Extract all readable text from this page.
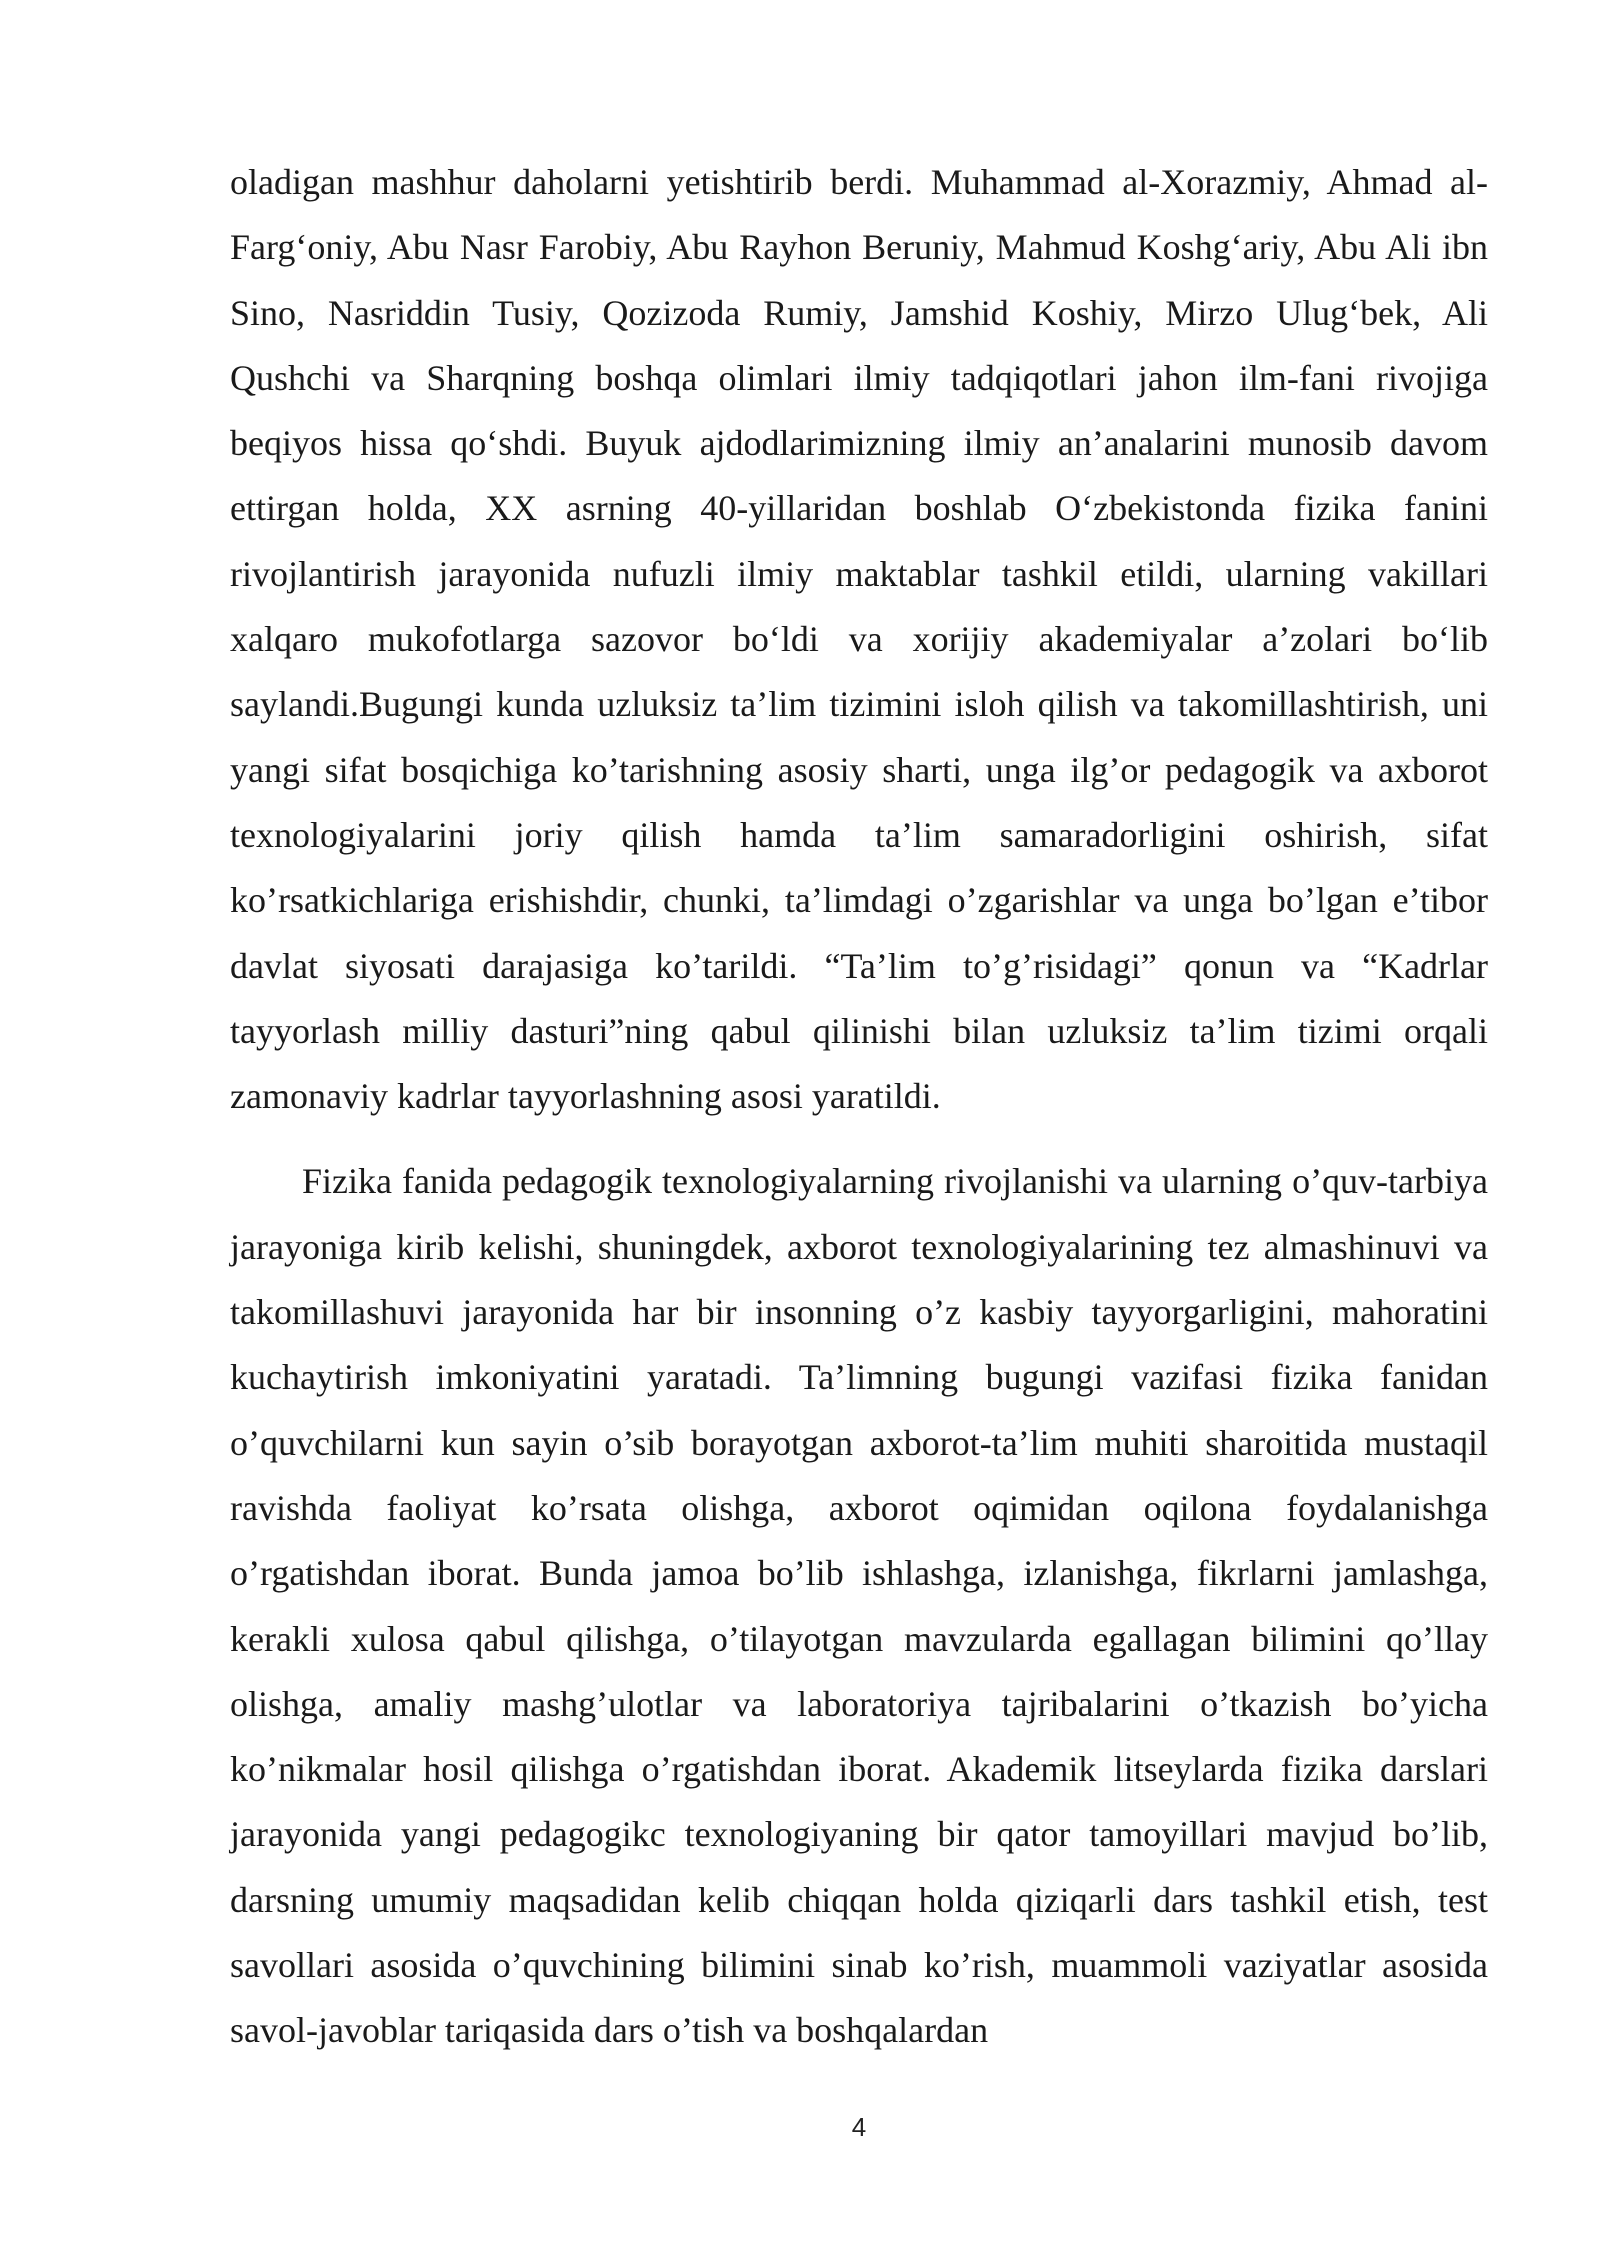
oladigan mashhur daholarni yetishtirib berdi. Muhammad al-Xorazmiy, Ahmad al-Farg‘oniy, Abu Nasr Farobiy, Abu Rayhon Beruniy, Mahmud Koshg‘ariy, Abu Ali ibn Sino, Nasriddin Tusiy, Qozizoda Rumiy, Jamshid Koshiy, Mirzo Ulug‘bek, Ali Qushchi va Sharqning boshqa olimlari ilmiy tadqiqotlari jahon ilm-fani rivojiga beqiyos hissa qo‘shdi. Buyuk ajdodlarimizning ilmiy an’analarini munosib davom ettirgan holda, XX asrning 40-yillaridan boshlab O‘zbekistonda fizika fanini rivojlantirish jarayonida nufuzli ilmiy maktablar tashkil etildi, ularning vakillari xalqaro mukofotlarga sazovor bo‘ldi va xorijiy akademiyalar a’zolari bo‘lib saylandi.Bugungi kunda uzluksiz ta’lim tizimini isloh qilish va takomillashtirish, uni yangi sifat bosqichiga ko’tarishning asosiy sharti, unga ilg’or pedagogik va axborot texnologiyalarini joriy qilish hamda ta’lim samaradorligini oshirish, sifat ko’rsatkichlariga erishishdir, chunki, ta’limdagi o’zgarishlar va unga bo’lgan e’tibor davlat siyosati darajasiga ko’tarildi. “Ta’lim to’g’risidagi” qonun va “Kadrlar tayyorlash milliy dasturi”ning qabul qilinishi bilan uzluksiz ta’lim tizimi orqali zamonaviy kadrlar tayyorlashning asosi yaratildi.

Fizika fanida pedagogik texnologiyalarning rivojlanishi va ularning o’quv-tarbiya jarayoniga kirib kelishi, shuningdek, axborot texnologiyalarining tez almashinuvi va takomillashuvi jarayonida har bir insonning o’z kasbiy tayyorgarligini, mahoratini kuchaytirish imkoniyatini yaratadi. Ta’limning bugungi vazifasi fizika fanidan o’quvchilarni kun sayin o’sib borayotgan axborot-ta’lim muhiti sharoitida mustaqil ravishda faoliyat ko’rsata olishga, axborot oqimidan oqilona foydalanishga o’rgatishdan iborat. Bunda jamoa bo’lib ishlashga, izlanishga, fikrlarni jamlashga, kerakli xulosa qabul qilishga, o’tilayotgan mavzularda egallagan bilimini qo’llay olishga, amaliy mashg’ulotlar va laboratoriya tajribalarini o’tkazish bo’yicha ko’nikmalar hosil qilishga o’rgatishdan iborat. Akademik litseylarda fizika darslari jarayonida yangi pedagogikc texnologiyaning bir qator tamoyillari mavjud bo’lib, darsning umumiy maqsadidan kelib chiqqan holda qiziqarli dars tashkil etish, test savollari asosida o’quvchining bilimini sinab ko’rish, muammoli vaziyatlar asosida savol-javoblar tariqasida dars o’tish va boshqalardan

4
